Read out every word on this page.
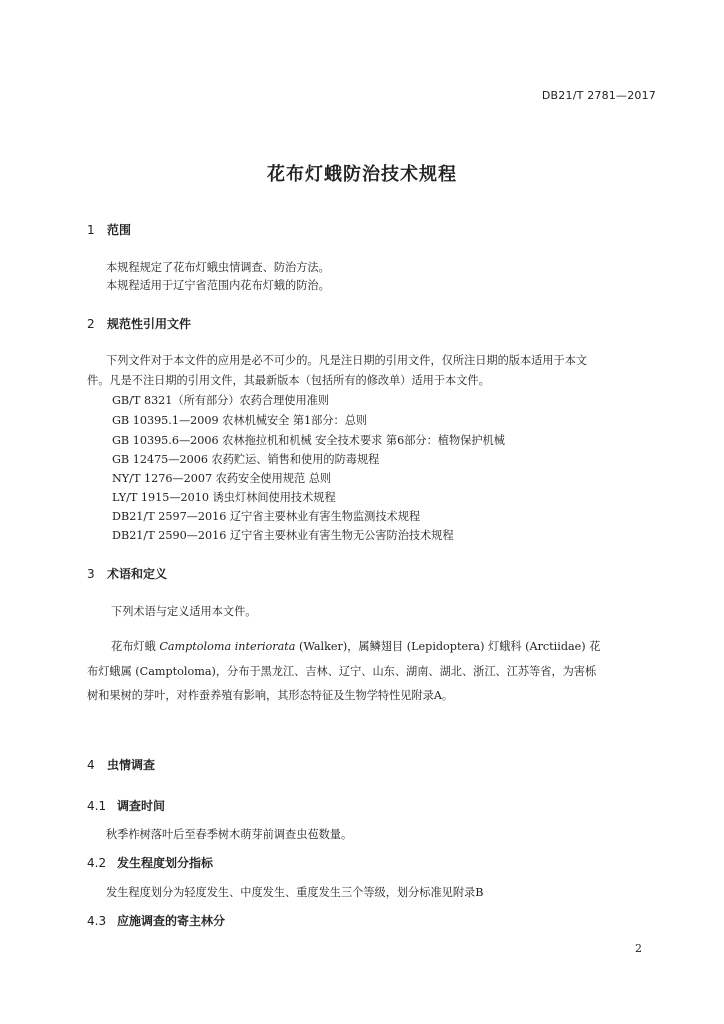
DB21/T 2781—2017
花布灯蛾防治技术规程
1 范围
本规程规定了花布灯蛾虫情调查、防治方法。
本规程适用于辽宁省范围内花布灯蛾的防治。
2 规范性引用文件
下列文件对于本文件的应用是必不可少的。凡是注日期的引用文件，仅所注日期的版本适用于本文
件。凡是不注日期的引用文件，其最新版本（包括所有的修改单）适用于本文件。
GB/T 8321（所有部分）农药合理使用准则
GB 10395.1—2009 农林机械安全 第1部分：总则
GB 10395.6—2006 农林拖拉机和机械 安全技术要求 第6部分：植物保护机械
GB 12475—2006 农药贮运、销售和使用的防毒规程
NY/T 1276—2007 农药安全使用规范 总则
LY/T 1915—2010 诱虫灯林间使用技术规程
DB21/T 2597—2016 辽宁省主要林业有害生物监测技术规程
DB21/T 2590—2016 辽宁省主要林业有害生物无公害防治技术规程
3 术语和定义
下列术语与定义适用本文件。
花布灯蛾 Camptoloma interiorata (Walker)，属鳞翅目 (Lepidoptera) 灯蛾科 (Arctiidae) 花
布灯蛾属 (Camptoloma)，分布于黑龙江、吉林、辽宁、山东、湖南、湖北、浙江、江苏等省，为害栎
树和果树的芽叶，对柞蚕养殖有影响，其形态特征及生物学特性见附录A。
4 虫情调查
4.1 调查时间
秋季柞树落叶后至春季树木萌芽前调查虫苞数量。
4.2 发生程度划分指标
发生程度划分为轻度发生、中度发生、重度发生三个等级，划分标准见附录B
4.3 应施调查的寄主林分
2
